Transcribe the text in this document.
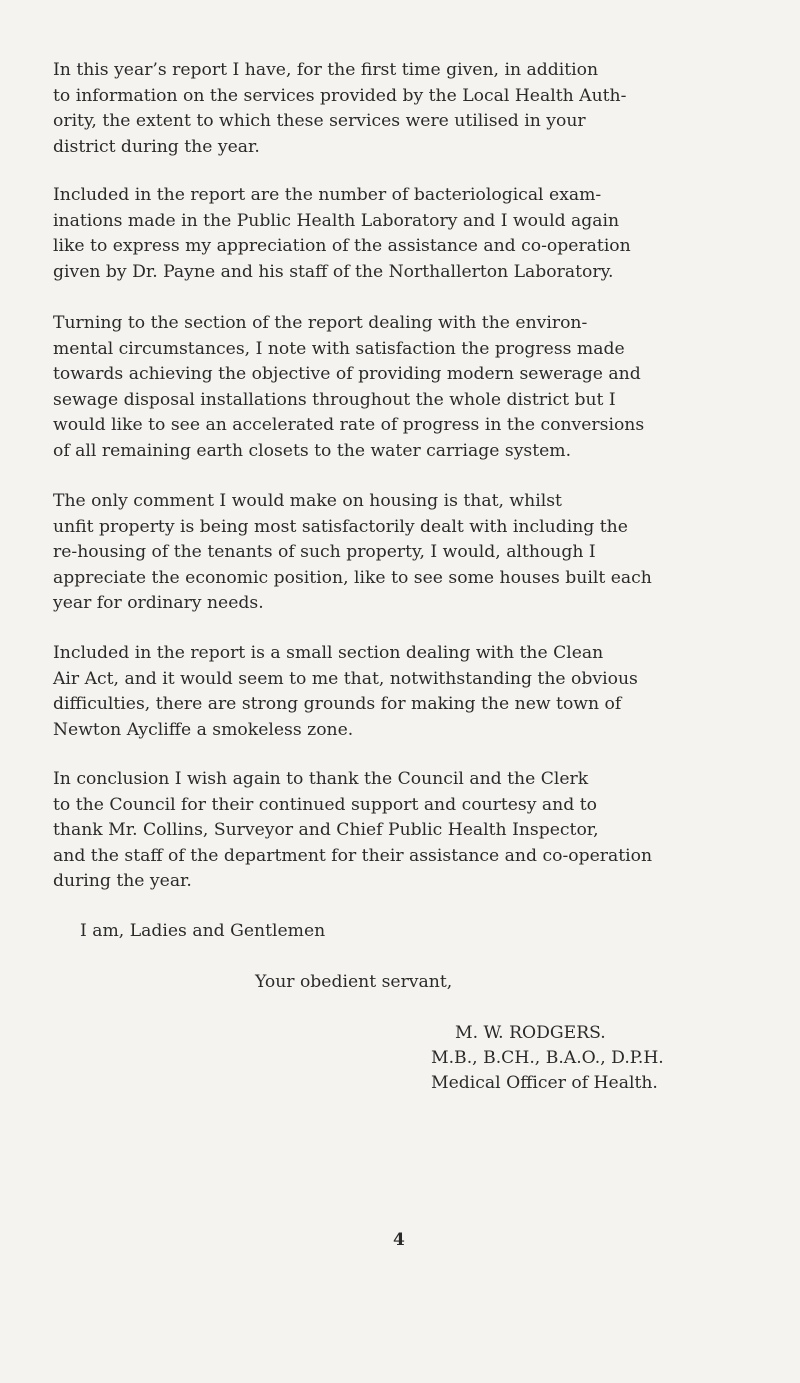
In this year’s report I have, for the first time given, in addition
to information on the services provided by the Local Health Auth-
ority, the extent to which these services were utilised in your
district during the year.

Included in the report are the number of bacteriological exam-
inations made in the Public Health Laboratory and I would again
like to express my appreciation of the assistance and co-operation
given by Dr. Payne and his staff of the Northallerton Laboratory.

Turning to the section of the report dealing with the environ-
mental circumstances, I note with satisfaction the progress made
towards achieving the objective of providing modern sewerage and
sewage disposal installations throughout the whole district but I
would like to see an accelerated rate of progress in the conversions
of all remaining earth closets to the water carriage system.

The only comment I would make on housing is that, whilst
unfit property is being most satisfactorily dealt with including the
re-housing of the tenants of such property, I would, although I
appreciate the economic position, like to see some houses built each
year for ordinary needs.

Included in the report is a small section dealing with the Clean
Air Act, and it would seem to me that, notwithstanding the obvious
difficulties, there are strong grounds for making the new town of
Newton Aycliffe a smokeless zone.

In conclusion I wish again to thank the Council and the Clerk
to the Council for their continued support and courtesy and to
thank Mr. Collins, Surveyor and Chief Public Health Inspector,
and the staff of the department for their assistance and co-operation
during the year.

I am, Ladies and Gentlemen
Your obedient servant,
M. W. RODGERS.
M.B., B.CH., B.A.O., D.P.H.
Medical Officer of Health.
4
